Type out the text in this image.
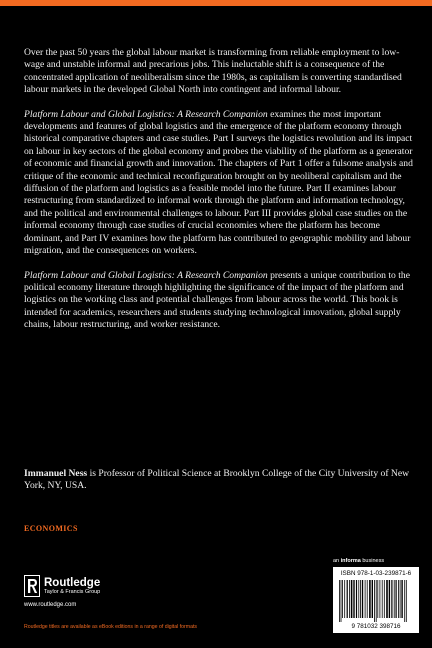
Over the past 50 years the global labour market is transforming from reliable employment to low-wage and unstable informal and precarious jobs. This ineluctable shift is a consequence of the concentrated application of neoliberalism since the 1980s, as capitalism is converting standardised labour markets in the developed Global North into contingent and informal labour.

Platform Labour and Global Logistics: A Research Companion examines the most important developments and features of global logistics and the emergence of the platform economy through historical comparative chapters and case studies. Part I surveys the logistics revolution and its impact on labour in key sectors of the global economy and probes the viability of the platform as a generator of economic and financial growth and innovation. The chapters of Part 1 offer a fulsome analysis and critique of the economic and technical reconfiguration brought on by neoliberal capitalism and the diffusion of the platform and logistics as a feasible model into the future. Part II examines labour restructuring from standardized to informal work through the platform and information technology, and the political and environmental challenges to labour. Part III provides global case studies on the informal economy through case studies of crucial economies where the platform has become dominant, and Part IV examines how the platform has contributed to geographic mobility and labour migration, and the consequences on workers.

Platform Labour and Global Logistics: A Research Companion presents a unique contribution to the political economy literature through highlighting the significance of the impact of the platform and logistics on the working class and potential challenges from labour across the world. This book is intended for academics, researchers and students studying technological innovation, global supply chains, labour restructuring, and worker resistance.

Immanuel Ness is Professor of Political Science at Brooklyn College of the City University of New York, NY, USA.
ECONOMICS
Routledge
Taylor & Francis Group
www.routledge.com
Routledge titles are available as eBook editions in a range of digital formats
an informa business
ISBN 978-1-03-239871-6
9 781032 398716
